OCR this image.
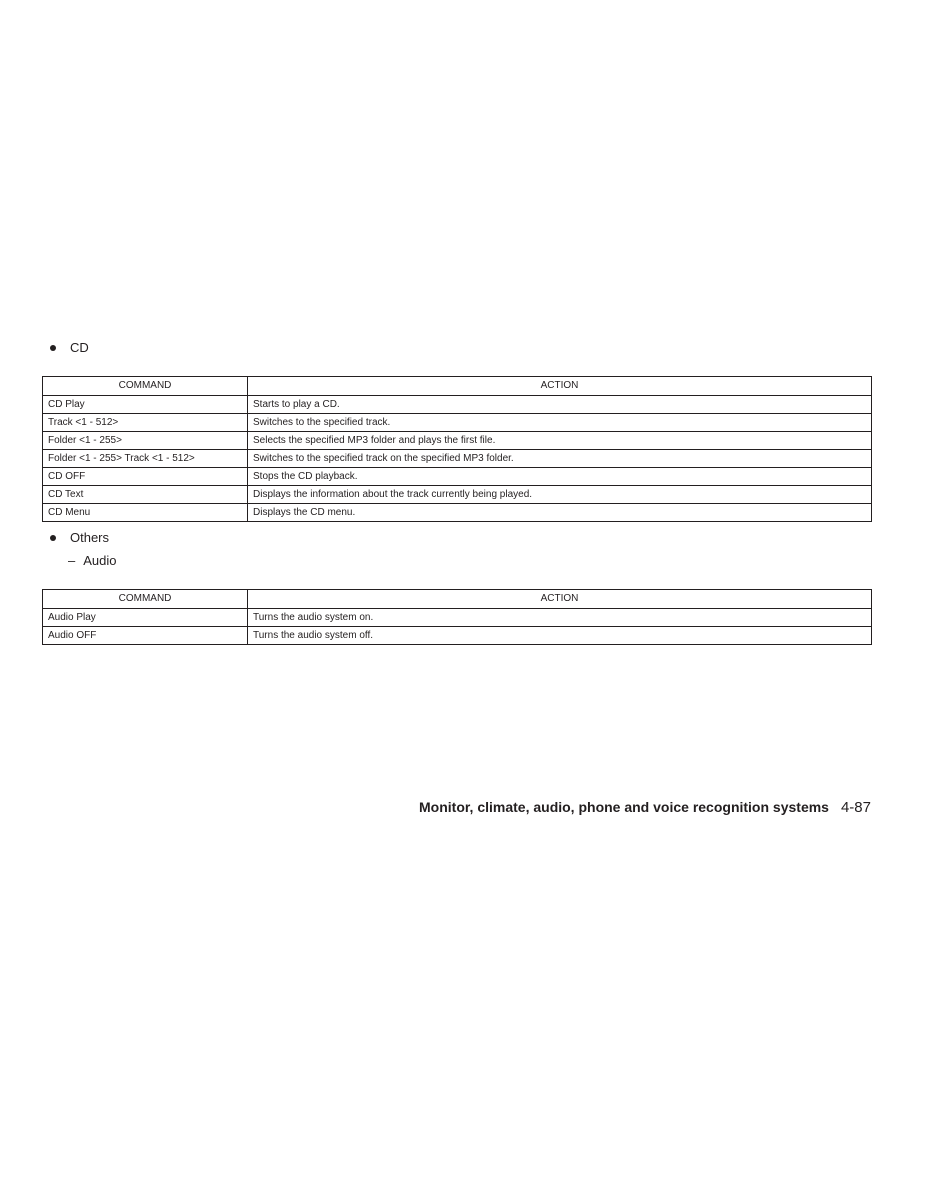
CD
COMMAND	ACTION
CD Play	Starts to play a CD.
Track <1 - 512>	Switches to the specified track.
Folder <1 - 255>	Selects the specified MP3 folder and plays the first file.
Folder <1 - 255> Track <1 - 512>	Switches to the specified track on the specified MP3 folder.
CD OFF	Stops the CD playback.
CD Text	Displays the information about the track currently being played.
CD Menu	Displays the CD menu.
Others
– Audio
COMMAND	ACTION
Audio Play	Turns the audio system on.
Audio OFF	Turns the audio system off.
Monitor, climate, audio, phone and voice recognition systems 4-87
